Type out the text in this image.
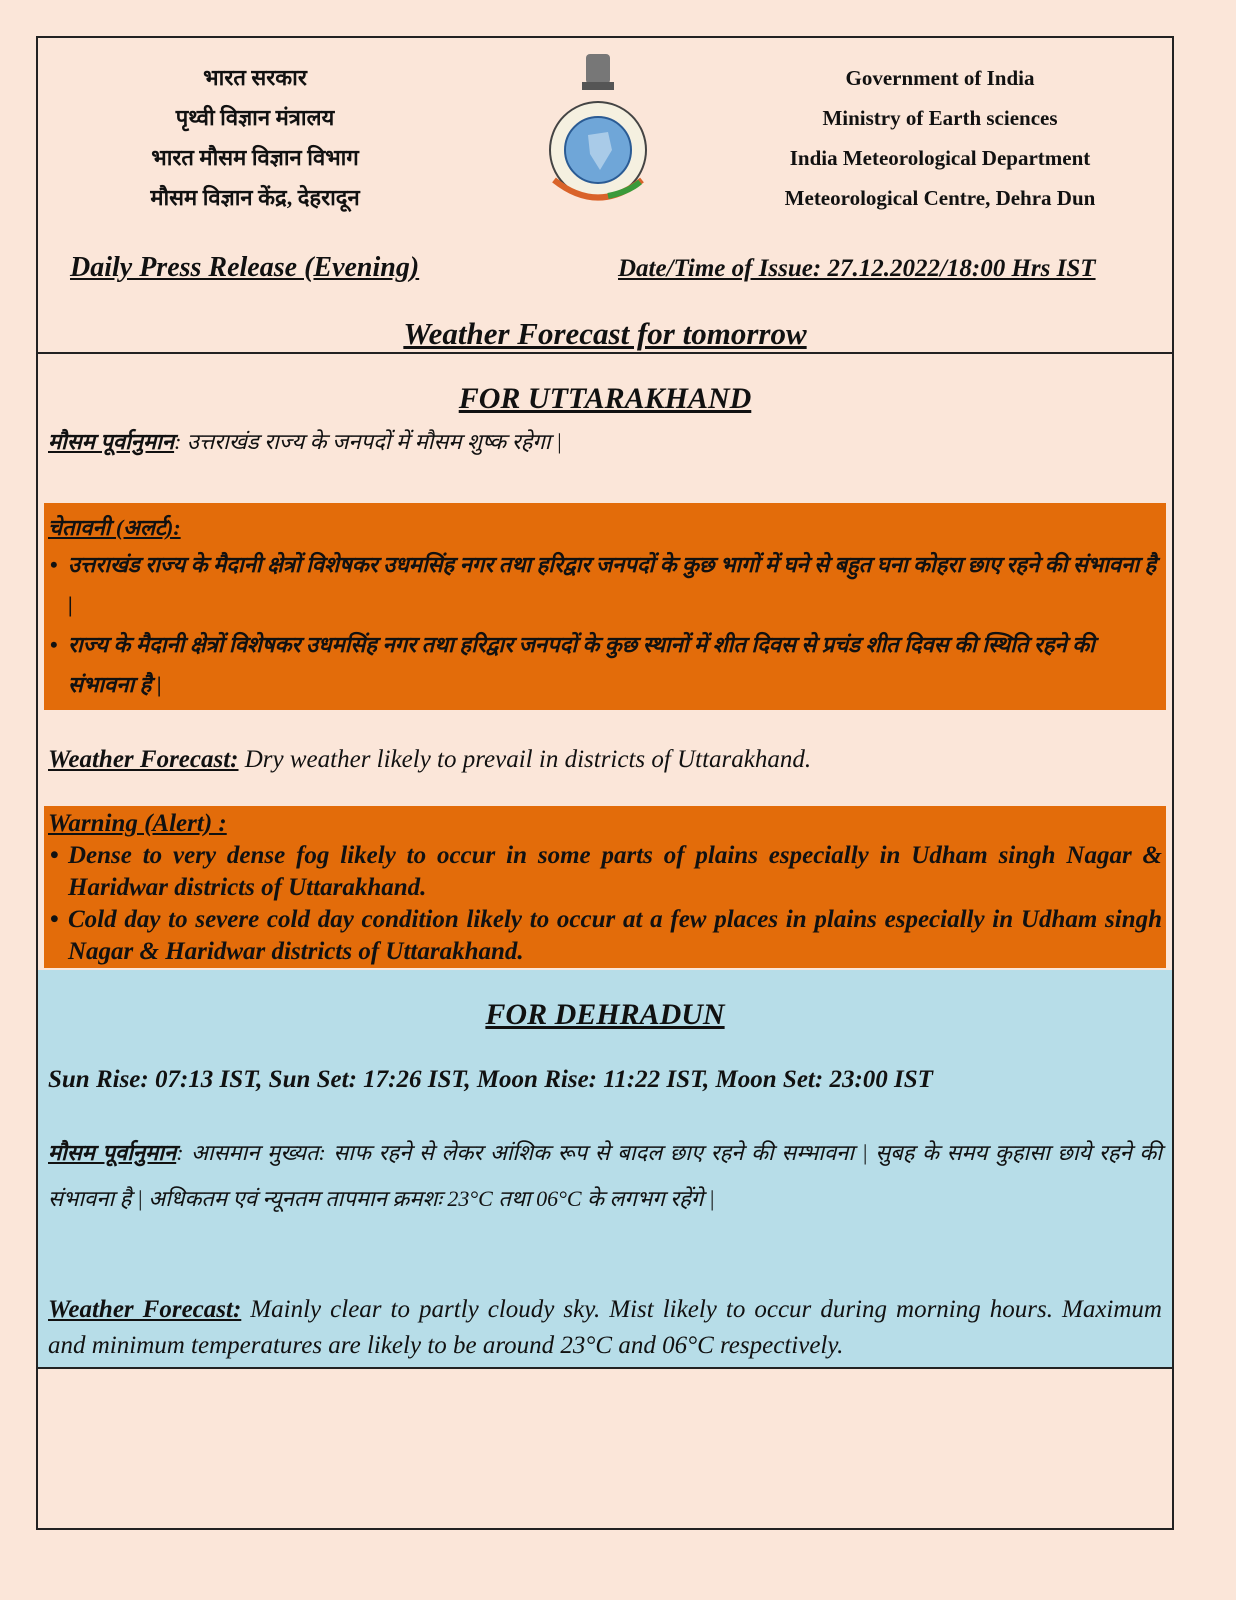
भारत सरकार
पृथ्वी विज्ञान मंत्रालय
भारत मौसम विज्ञान विभाग
मौसम विज्ञान केंद्र, देहरादून
Government of India
Ministry of Earth sciences
India Meteorological Department
Meteorological Centre, Dehra Dun
Daily Press Release (Evening)	Date/Time of Issue: 27.12.2022/18:00 Hrs IST
Weather Forecast for tomorrow
FOR UTTARAKHAND
मौसम पूर्वानुमान: उत्तराखंड राज्य के जनपदों में मौसम शुष्क रहेगा |
चेतावनी (अलर्ट):
• उत्तराखंड राज्य के मैदानी क्षेत्रों विशेषकर उधमसिंह नगर तथा हरिद्वार जनपदों के कुछ भागों में घने से बहुत घना कोहरा छाए रहने की संभावना है |
• राज्य के मैदानी क्षेत्रों विशेषकर उधमसिंह नगर तथा हरिद्वार जनपदों के कुछ स्थानों में शीत दिवस से प्रचंड शीत दिवस की स्थिति रहने की संभावना है |
Weather Forecast: Dry weather likely to prevail in districts of Uttarakhand.
Warning (Alert) :
• Dense to very dense fog likely to occur in some parts of plains especially in Udham singh Nagar & Haridwar districts of Uttarakhand.
• Cold day to severe cold day condition likely to occur at a few places in plains especially in Udham singh Nagar & Haridwar districts of Uttarakhand.
FOR DEHRADUN
Sun Rise: 07:13 IST, Sun Set: 17:26 IST, Moon Rise: 11:22 IST, Moon Set: 23:00 IST
मौसम पूर्वानुमान: आसमान मुख्यत: साफ रहने से लेकर आंशिक रूप से बादल छाए रहने की सम्भावना | सुबह के समय कुहासा छाये रहने की संभावना है | अधिकतम एवं न्यूनतम तापमान क्रमशः 23°C तथा 06°C के लगभग रहेंगे |
Weather Forecast: Mainly clear to partly cloudy sky. Mist likely to occur during morning hours. Maximum and minimum temperatures are likely to be around 23°C and 06°C respectively.
